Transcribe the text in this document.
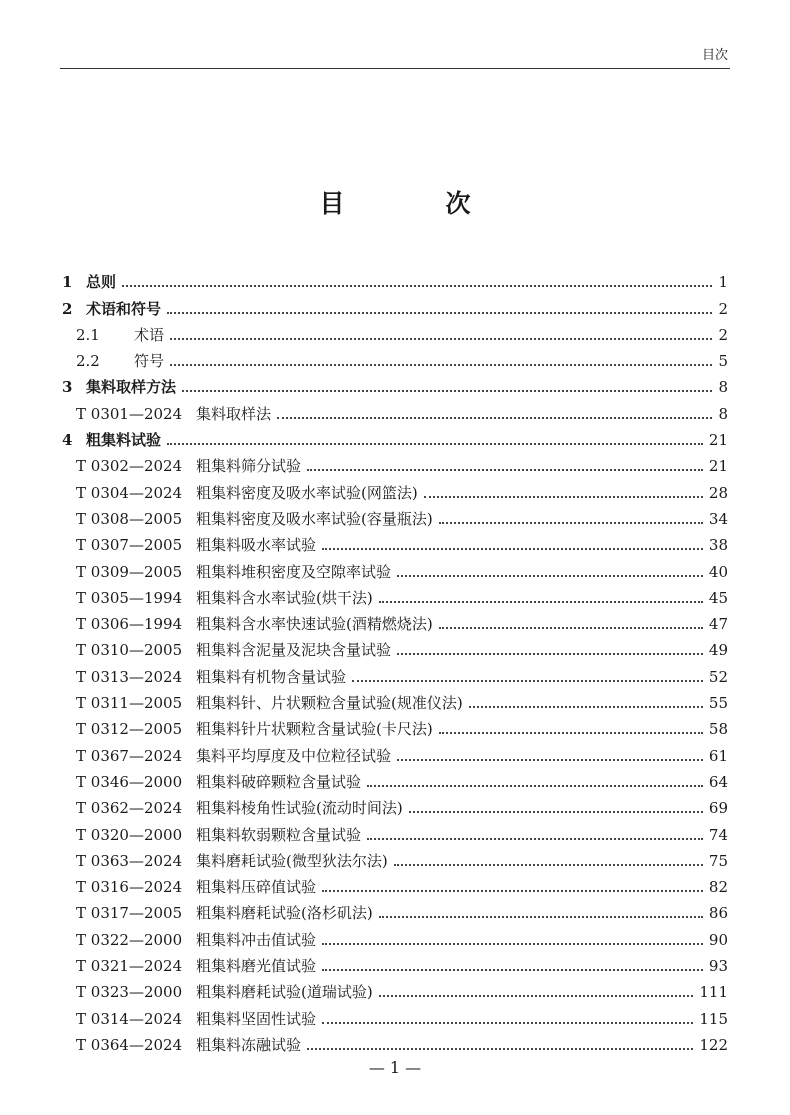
目次
目　次
1 总则	1
2 术语和符号	2
2.1	术语	2
2.2	符号	5
3 集料取样方法	8
T 0301—2024 集料取样法	8
4 粗集料试验	21
T 0302—2024 粗集料筛分试验	21
T 0304—2024 粗集料密度及吸水率试验(网篮法)	28
T 0308—2005 粗集料密度及吸水率试验(容量瓶法)	34
T 0307—2005 粗集料吸水率试验	38
T 0309—2005 粗集料堆积密度及空隙率试验	40
T 0305—1994 粗集料含水率试验(烘干法)	45
T 0306—1994 粗集料含水率快速试验(酒精燃烧法)	47
T 0310—2005 粗集料含泥量及泥块含量试验	49
T 0313—2024 粗集料有机物含量试验	52
T 0311—2005 粗集料针、片状颗粒含量试验(规准仪法)	55
T 0312—2005 粗集料针片状颗粒含量试验(卡尺法)	58
T 0367—2024 集料平均厚度及中位粒径试验	61
T 0346—2000 粗集料破碎颗粒含量试验	64
T 0362—2024 粗集料棱角性试验(流动时间法)	69
T 0320—2000 粗集料软弱颗粒含量试验	74
T 0363—2024 集料磨耗试验(微型狄法尔法)	75
T 0316—2024 粗集料压碎值试验	82
T 0317—2005 粗集料磨耗试验(洛杉矶法)	86
T 0322—2000 粗集料冲击值试验	90
T 0321—2024 粗集料磨光值试验	93
T 0323—2000 粗集料磨耗试验(道瑞试验)	111
T 0314—2024 粗集料坚固性试验	115
T 0364—2024 粗集料冻融试验	122
— 1 —
